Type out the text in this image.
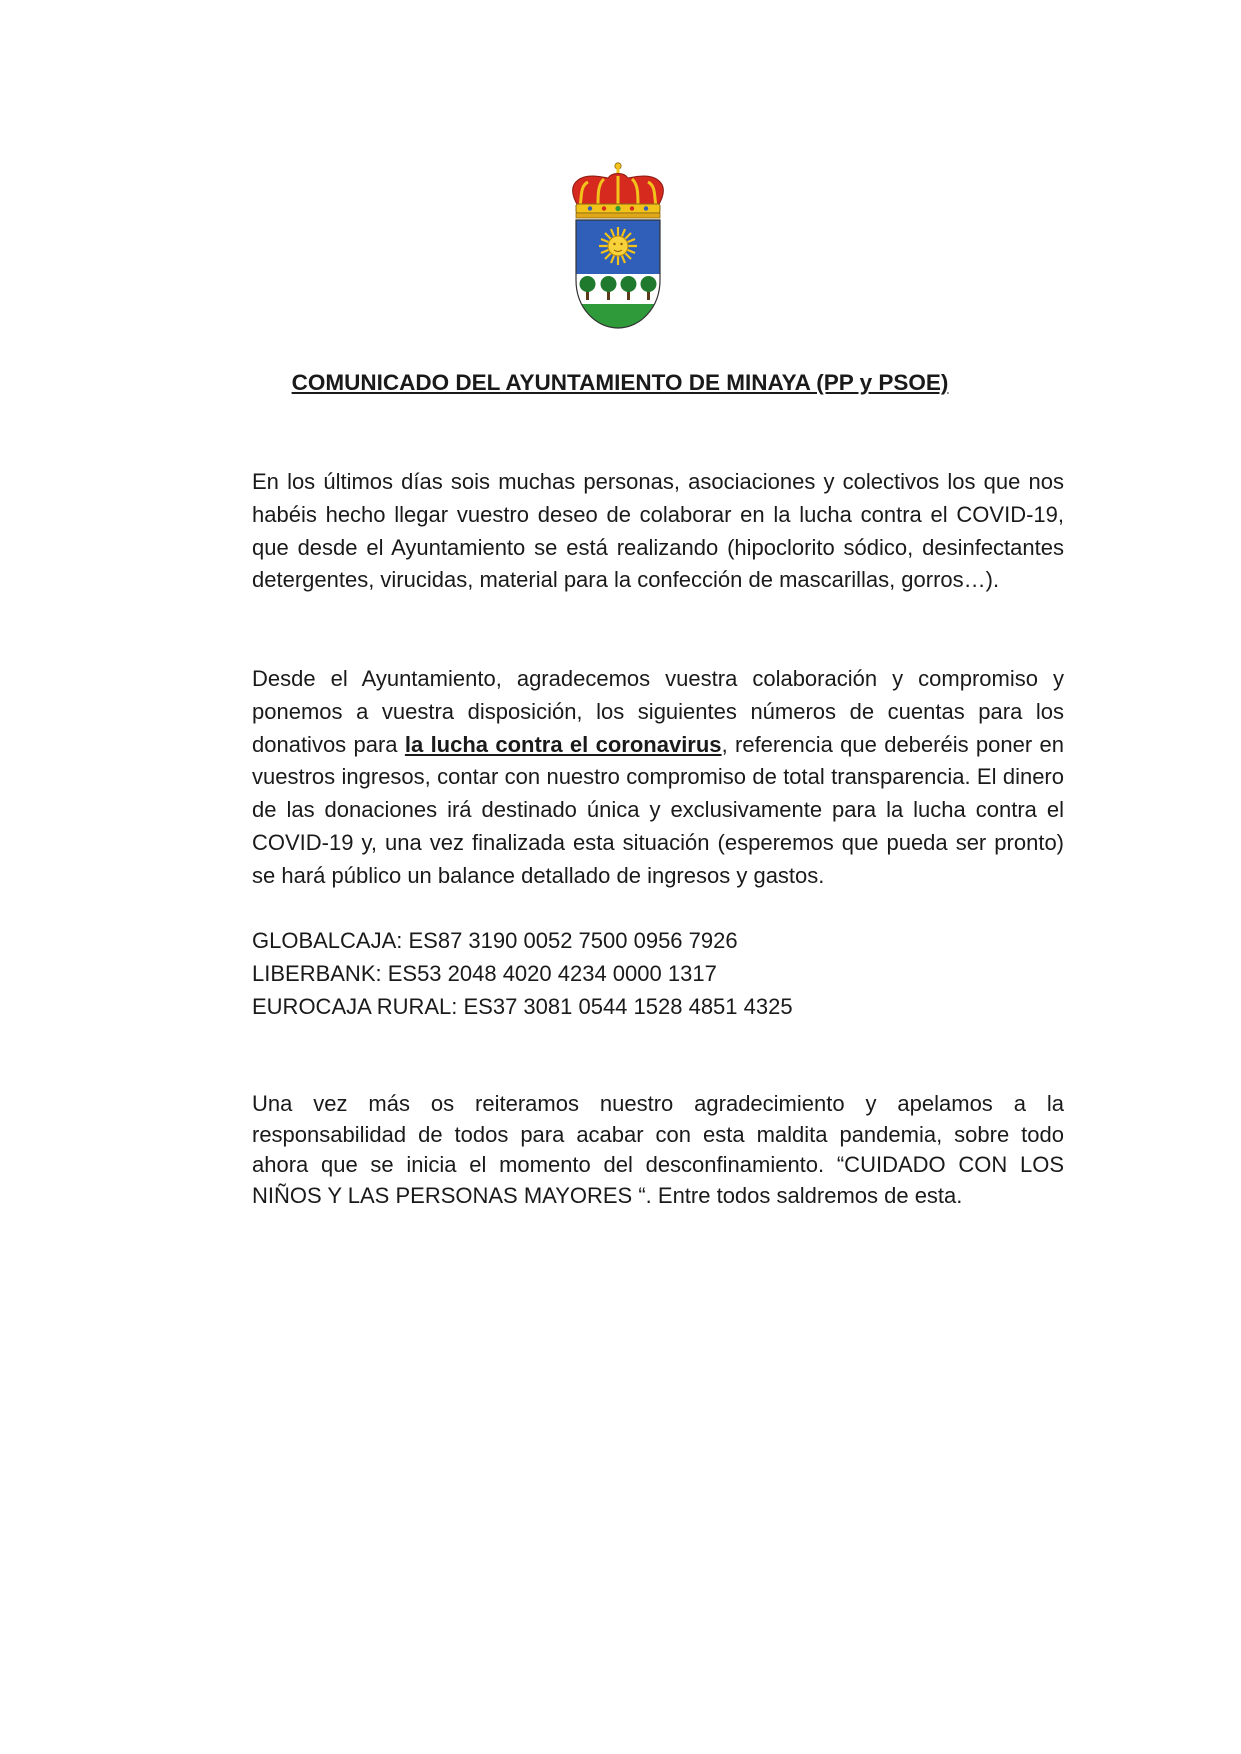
COMUNICADO DEL AYUNTAMIENTO DE MINAYA (PP y PSOE)
En los últimos días sois muchas personas, asociaciones y colectivos los que nos habéis hecho llegar vuestro deseo de colaborar en la lucha contra el COVID-19, que desde el Ayuntamiento se está realizando (hipoclorito sódico, desinfectantes detergentes, virucidas, material para la confección de mascarillas, gorros…).
Desde el Ayuntamiento, agradecemos vuestra colaboración y compromiso y ponemos a vuestra disposición, los siguientes números de cuentas para los donativos para la lucha contra el coronavirus, referencia que deberéis poner en vuestros ingresos, contar con nuestro compromiso de total transparencia. El dinero de las donaciones irá destinado única y exclusivamente para la lucha contra el COVID-19 y, una vez finalizada esta situación (esperemos que pueda ser pronto) se hará público un balance detallado de ingresos y gastos.
GLOBALCAJA: ES87 3190 0052 7500 0956 7926
LIBERBANK: ES53 2048 4020 4234 0000 1317
EUROCAJA RURAL: ES37 3081 0544 1528 4851 4325
Una vez más os reiteramos nuestro agradecimiento y apelamos a la responsabilidad de todos para acabar con esta maldita pandemia, sobre todo ahora que se inicia el momento del desconfinamiento. “CUIDADO CON LOS NIÑOS Y LAS PERSONAS MAYORES “. Entre todos saldremos de esta.
